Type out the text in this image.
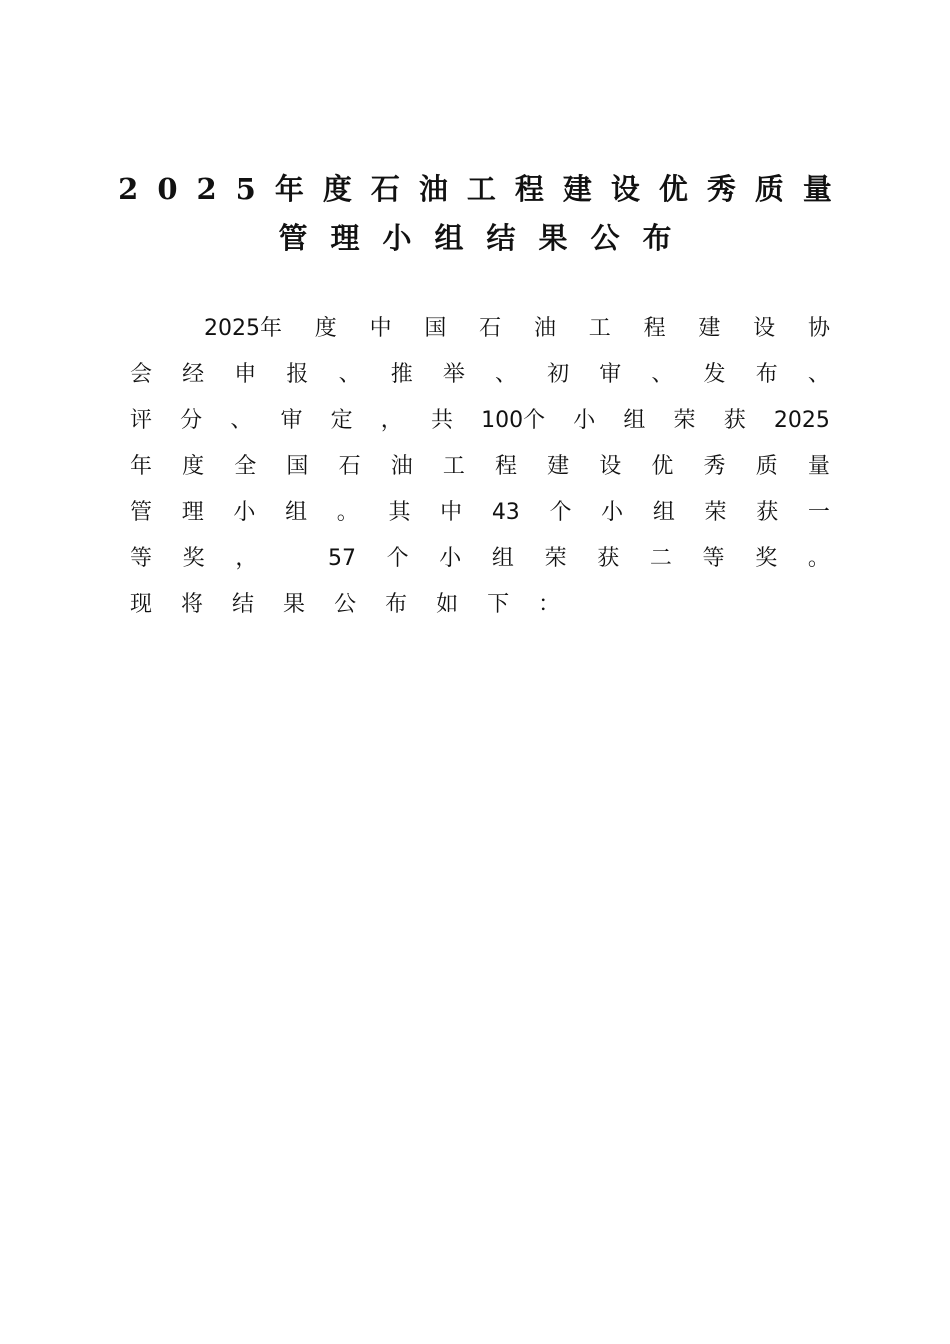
2025年度石油工程建设优秀质量
管理小组结果公布
2025年 度 中 国 石 油 工 程 建 设 协
会 经 申 报 、 推 举 、 初 审 、 发 布 、
评 分 、 审 定 ， 共 100个 小 组 荣 获 2025
年 度 全 国 石 油 工 程 建 设 优 秀 质 量
管 理 小 组 。 其 中 43 个 小 组 荣 获 一
等 奖 ，	57 个 小 组 荣 获 二 等 奖 。
现 将 结 果 公 布 如 下 ：
